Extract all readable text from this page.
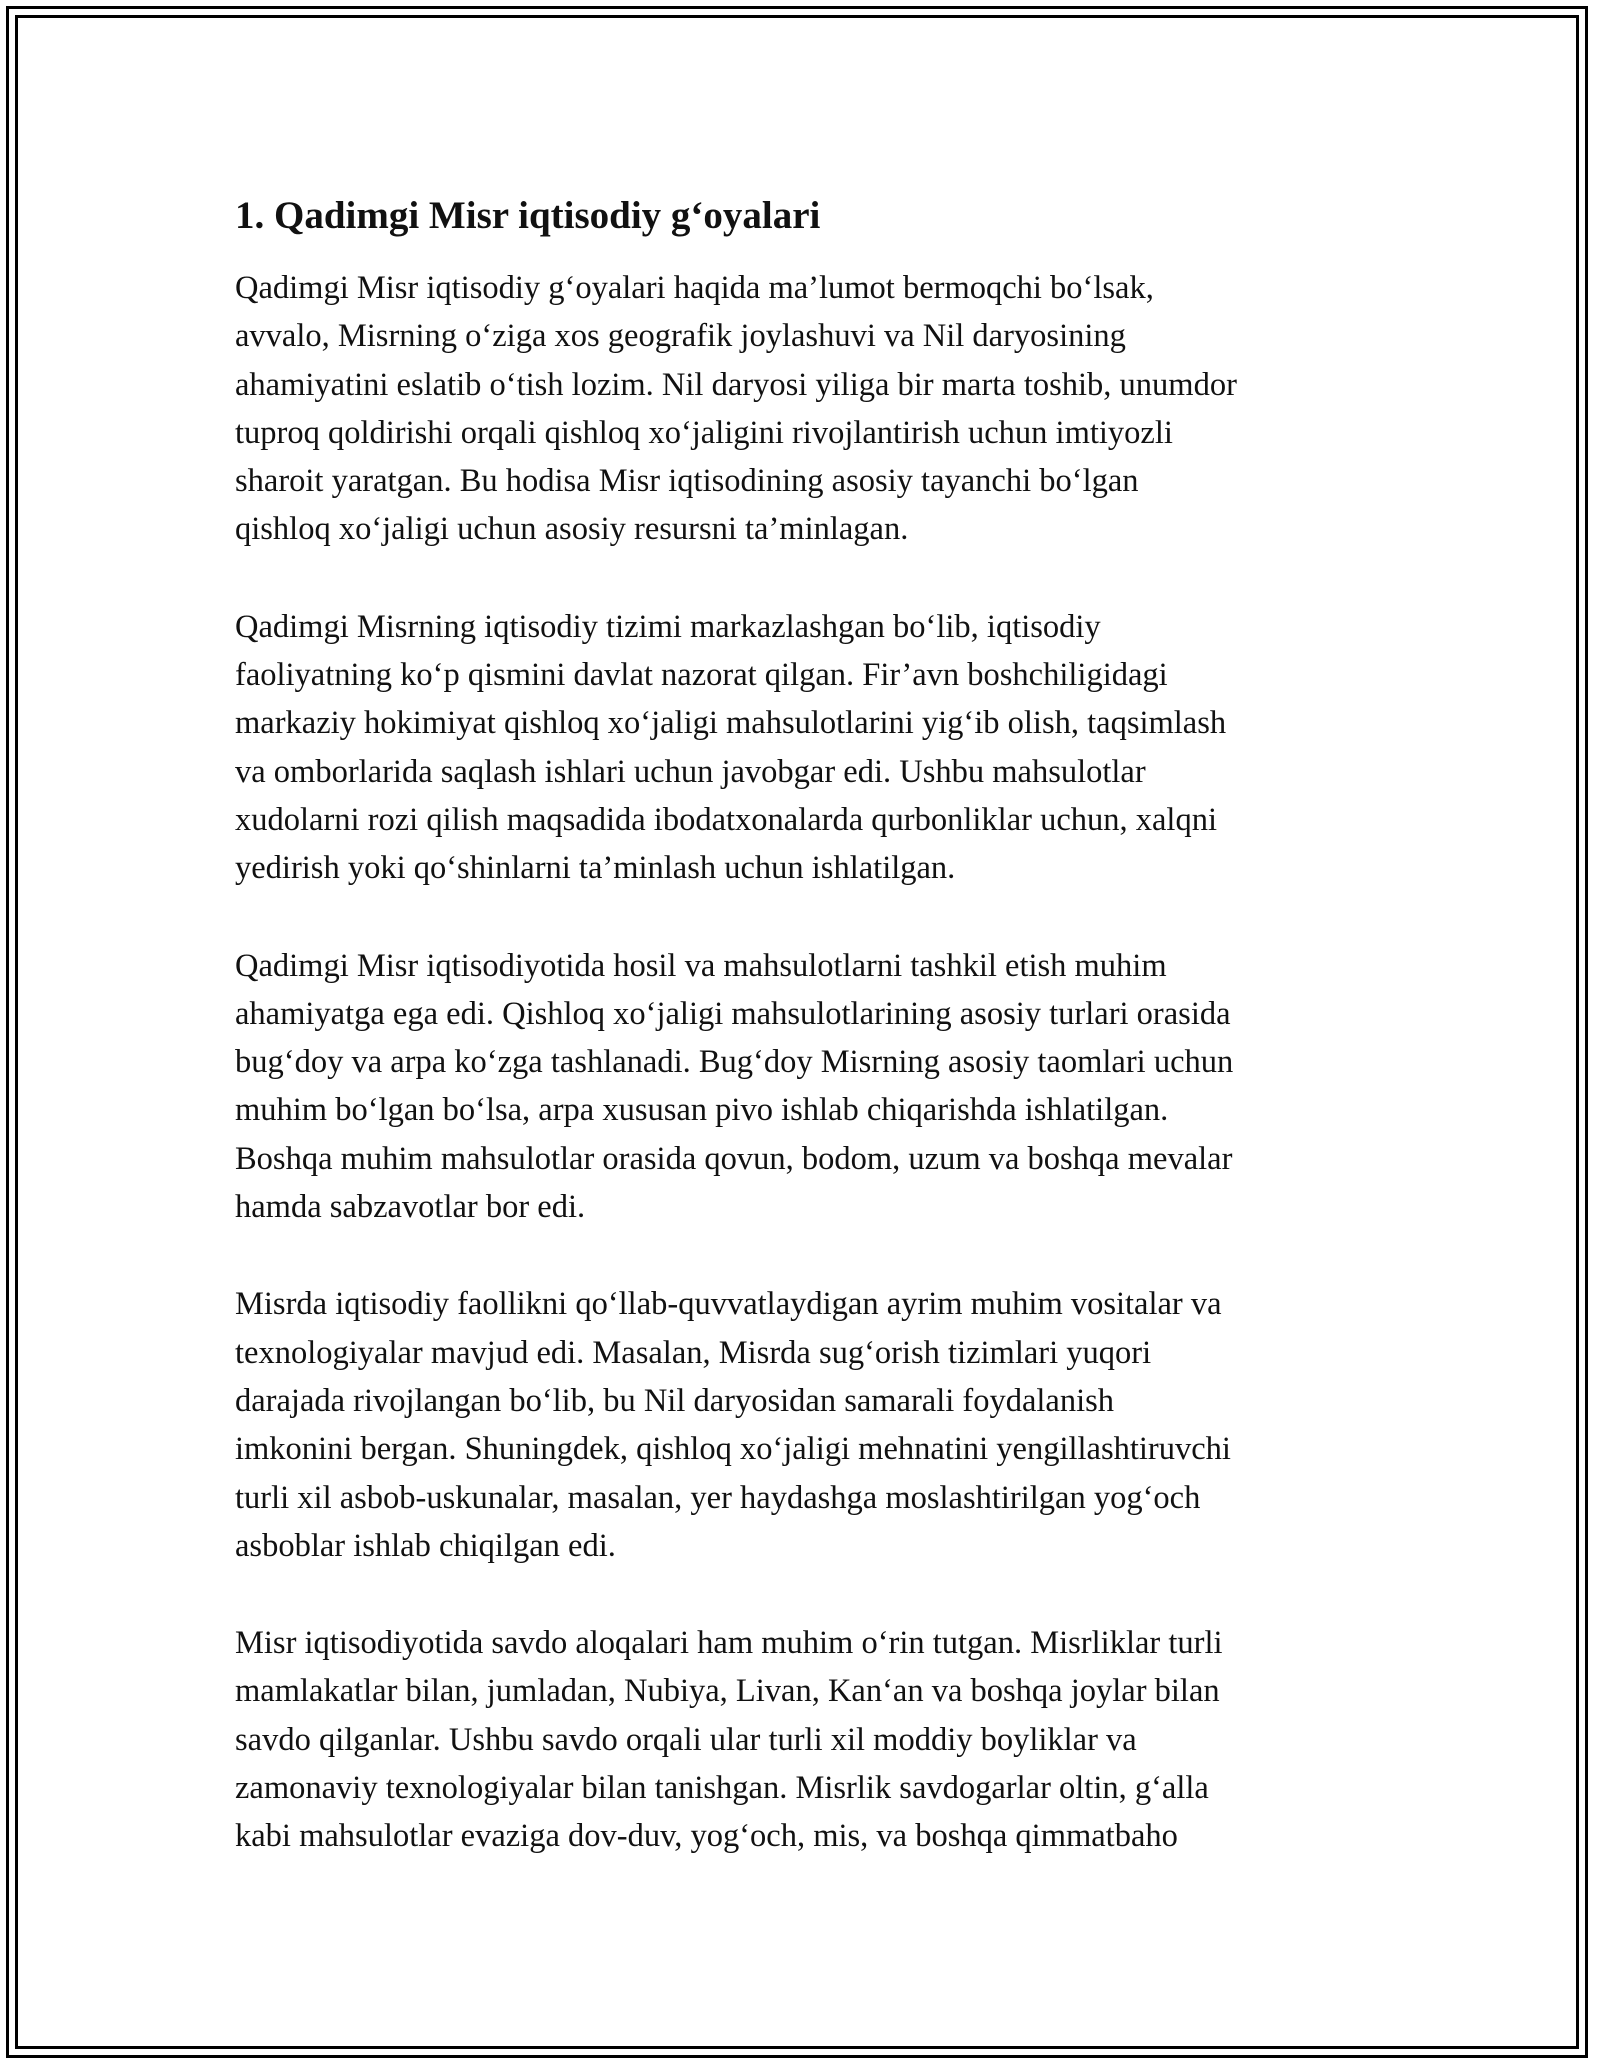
1. Qadimgi Misr iqtisodiy g‘oyalari

Qadimgi Misr iqtisodiy g‘oyalari haqida ma’lumot bermoqchi bo‘lsak,
avvalo, Misrning o‘ziga xos geografik joylashuvi va Nil daryosining
ahamiyatini eslatib o‘tish lozim. Nil daryosi yiliga bir marta toshib, unumdor
tuproq qoldirishi orqali qishloq xo‘jaligini rivojlantirish uchun imtiyozli
sharoit yaratgan. Bu hodisa Misr iqtisodining asosiy tayanchi bo‘lgan
qishloq xo‘jaligi uchun asosiy resursni ta’minlagan.

Qadimgi Misrning iqtisodiy tizimi markazlashgan bo‘lib, iqtisodiy
faoliyatning ko‘p qismini davlat nazorat qilgan. Fir’avn boshchiligidagi
markaziy hokimiyat qishloq xo‘jaligi mahsulotlarini yig‘ib olish, taqsimlash
va omborlarida saqlash ishlari uchun javobgar edi. Ushbu mahsulotlar
xudolarni rozi qilish maqsadida ibodatxonalarda qurbonliklar uchun, xalqni
yedirish yoki qo‘shinlarni ta’minlash uchun ishlatilgan.

Qadimgi Misr iqtisodiyotida hosil va mahsulotlarni tashkil etish muhim
ahamiyatga ega edi. Qishloq xo‘jaligi mahsulotlarining asosiy turlari orasida
bug‘doy va arpa ko‘zga tashlanadi. Bug‘doy Misrning asosiy taomlari uchun
muhim bo‘lgan bo‘lsa, arpa xususan pivo ishlab chiqarishda ishlatilgan.
Boshqa muhim mahsulotlar orasida qovun, bodom, uzum va boshqa mevalar
hamda sabzavotlar bor edi.

Misrda iqtisodiy faollikni qo‘llab-quvvatlaydigan ayrim muhim vositalar va
texnologiyalar mavjud edi. Masalan, Misrda sug‘orish tizimlari yuqori
darajada rivojlangan bo‘lib, bu Nil daryosidan samarali foydalanish
imkonini bergan. Shuningdek, qishloq xo‘jaligi mehnatini yengillashtiruvchi
turli xil asbob-uskunalar, masalan, yer haydashga moslashtirilgan yog‘och
asboblar ishlab chiqilgan edi.

Misr iqtisodiyotida savdo aloqalari ham muhim o‘rin tutgan. Misrliklar turli
mamlakatlar bilan, jumladan, Nubiya, Livan, Kan‘an va boshqa joylar bilan
savdo qilganlar. Ushbu savdo orqali ular turli xil moddiy boyliklar va
zamonaviy texnologiyalar bilan tanishgan. Misrlik savdogarlar oltin, g‘alla
kabi mahsulotlar evaziga dov-duv, yog‘och, mis, va boshqa qimmatbaho
